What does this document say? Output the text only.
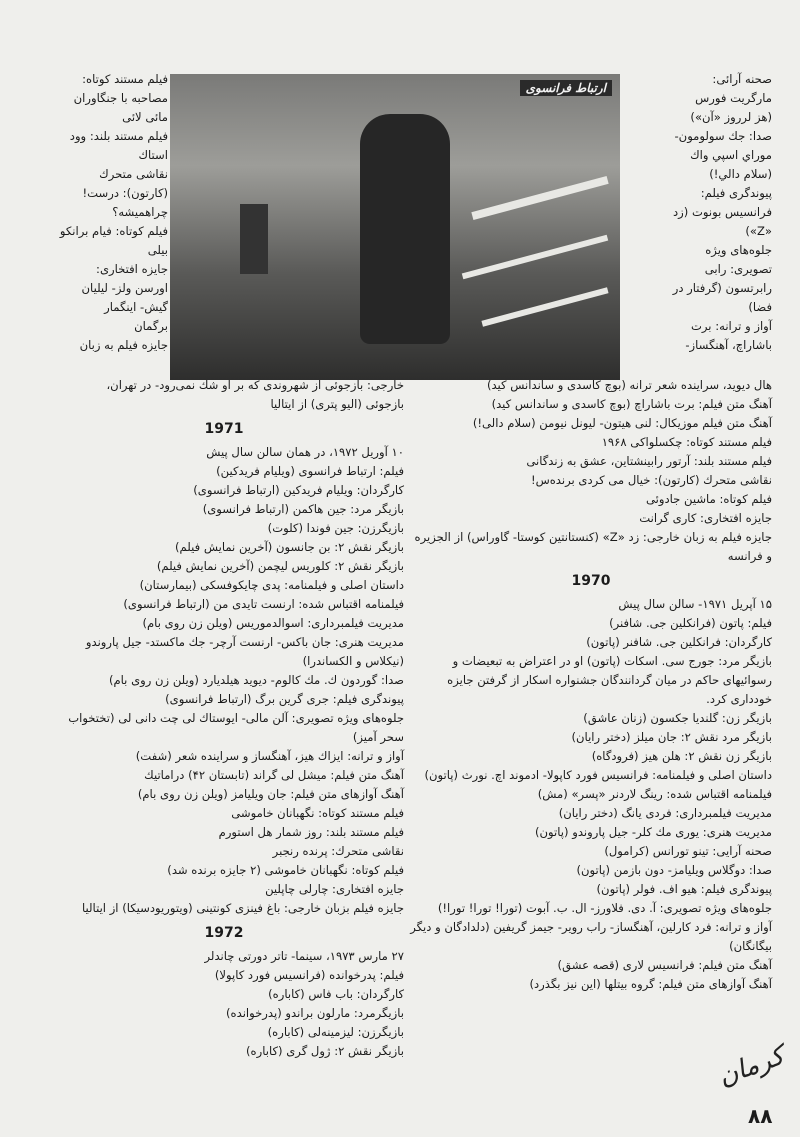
ارتباط فرانسوی

صحنه آرائی:

مارگریت فورس

(هز لرروز «آن»)

صدا: جك سولومون-

موراي اسپي واك

(سلام دالي!)

پیوندگری فیلم:

فرانسيس بونوت (زد

«Z»)

جلوه‌های ویژه

تصویری: رابی

رابرتسون (گرفتار در

فضا)

آواز و ترانه: برت

باشاراچ، آهنگساز-

فیلم مستند کوتاه:

مصاحبه با جنگاوران

مائی لائی

فیلم مستند بلند: وود

استاك

نقاشی متحرك

(کارتون): درست!

چراهمیشه؟

فیلم کوتاه: فیام برانکو

بیلی

جایزه افتخاری:

اورسن ولز- لیلیان

گیش- اینگمار

برگمان

جایزه فیلم به زبان

خارجی: بازجوئی از شهروندی که بر او شك نمی‌رود- در تهران،

بازجوئی (الیو پتری) از ایتالیا

1971

۱۰ آوریل ۱۹۷۲، در همان سالن سال پیش

فیلم: ارتباط فرانسوی (ویلیام فریدکین)

کارگردان: ویلیام فریدکین (ارتباط فرانسوی)

بازیگر مرد: جین هاکمن (ارتباط فرانسوی)

بازیگرزن: جین فوندا (کلوت)

بازیگر نقش ۲: بن جانسون (آخرین نمایش فیلم)

بازیگر نقش ۲: کلوریس لیچمن (آخرین نمایش فیلم)

داستان اصلی و فیلمنامه: پدی چایکوفسکی (بیمارستان)

فیلمنامه اقتباس شده: ارنست تایدی من (ارتباط فرانسوی)

مدیریت فیلمبرداری: اسوالدموریس (ویلن زن روی بام)

مدیریت هنری: جان باکس- ارنست آرچر- جك ماکستد- جیل پاروندو (نیکلاس و الکساندرا)

صدا: گوردون ك. مك کالوم- دیوید هیلدیارد (ویلن زن روی بام)

پیوندگری فیلم: جری گرین برگ (ارتباط فرانسوی)

جلوه‌های ویژه تصویری: آلن مالی- ایوستاك لی چت دانی لی (تختخواب سحر آمیز)

آواز و ترانه: ایزاك هیز، آهنگساز و سراینده شعر (شفت)

آهنگ متن فیلم: میشل لی گراند (تابستان ۴۲) دراماتیك

آهنگ آوازهای متن فیلم: جان ویلیامز (ویلن زن روی بام)

فیلم مستند کوتاه: نگهبانان خاموشی

فیلم مستند بلند: روز شمار هل استورم

نقاشی متحرك: پرنده رنجبر

فیلم کوتاه: نگهبانان خاموشی (۲ جایزه برنده شد)

جایزه افتخاری: چارلی چاپلین

جایزه فیلم بزبان خارجی: باغ فینزی کونتینی (ویتوریودسیکا) از ایتالیا

1972

۲۷ مارس ۱۹۷۳، سینما- تاتر دورتی چاندلر

فیلم: پدرخوانده (فرانسیس فورد کاپولا)

کارگردان: باب فاس (کاباره)

بازیگرمرد: مارلون براندو (پدرخوانده)

بازیگرزن: لیزمینه‌لی (کاباره)

بازیگر نقش ۲: ژول گری (کاباره)

هال دیوید، سراینده شعر ترانه (بوچ کاسدی و ساندانس کید)

آهنگ متن فیلم: برت باشاراچ (بوچ کاسدی و ساندانس کید)

آهنگ متن فیلم موزیکال: لنی هیتون- لیونل نیومن (سلام دالی!)

فیلم مستند کوتاه: چکسلواکی ۱۹۶۸

فیلم مستند بلند: آرتور رابینشتاین، عشق به زندگانی

نقاشی متحرك (کارتون): خیال می کردی برنده‌س!

فیلم کوتاه: ماشین جادوئی

جایزه افتخاری: کاری گرانت

جایزه فیلم به زبان خارجی: زد «Z» (کنستانتین کوستا- گاوراس) از الجزیره و فرانسه

1970

۱۵ آپریل ۱۹۷۱- سالن سال پیش

فیلم: پاتون (فرانکلین جی. شافنر)

کارگردان: فرانکلین جی. شافنر (پاتون)

بازیگر مرد: جورج سی. اسکات (پاتون) او در اعتراض به تبعیضات و رسوائیهای حاکم در میان گردانندگان جشنواره اسکار از گرفتن جایزه خودداری کرد.

بازیگر زن: گلندیا جکسون (زنان عاشق)

بازیگر مرد نقش ۲: جان میلز (دختر رایان)

بازیگر زن نقش ۲: هلن هیز (فرودگاه)

داستان اصلی و فیلمنامه: فرانسیس فورد کاپولا- ادموند اچ. نورث (پاتون)

فیلمنامه اقتباس شده: رینگ لاردنر «پسر» (مش)

مدیریت فیلمبرداری: فردی یانگ (دختر رایان)

مدیریت هنری: یوری مك کلر- جیل پاروندو (پاتون)

صحنه آرایی: تینو تورانس (کرامول)

صدا: دوگلاس ویلیامز- دون بازمن (پاتون)

پیوندگری فیلم: هیو اف. فولر (پاتون)

جلوه‌های ویژه تصویری: آ. دی. فلاورز- ال. ب. آبوت (تورا! تورا! تورا!)

آواز و ترانه: فرد کارلین، آهنگساز- راب رویر- جیمز گریفین (دلدادگان و دیگر بیگانگان)

آهنگ متن فیلم: فرانسیس لاری (قصه عشق)

آهنگ آوازهای متن فیلم: گروه بیتلها (این نیز بگذرد)

کرمان
۸۸
